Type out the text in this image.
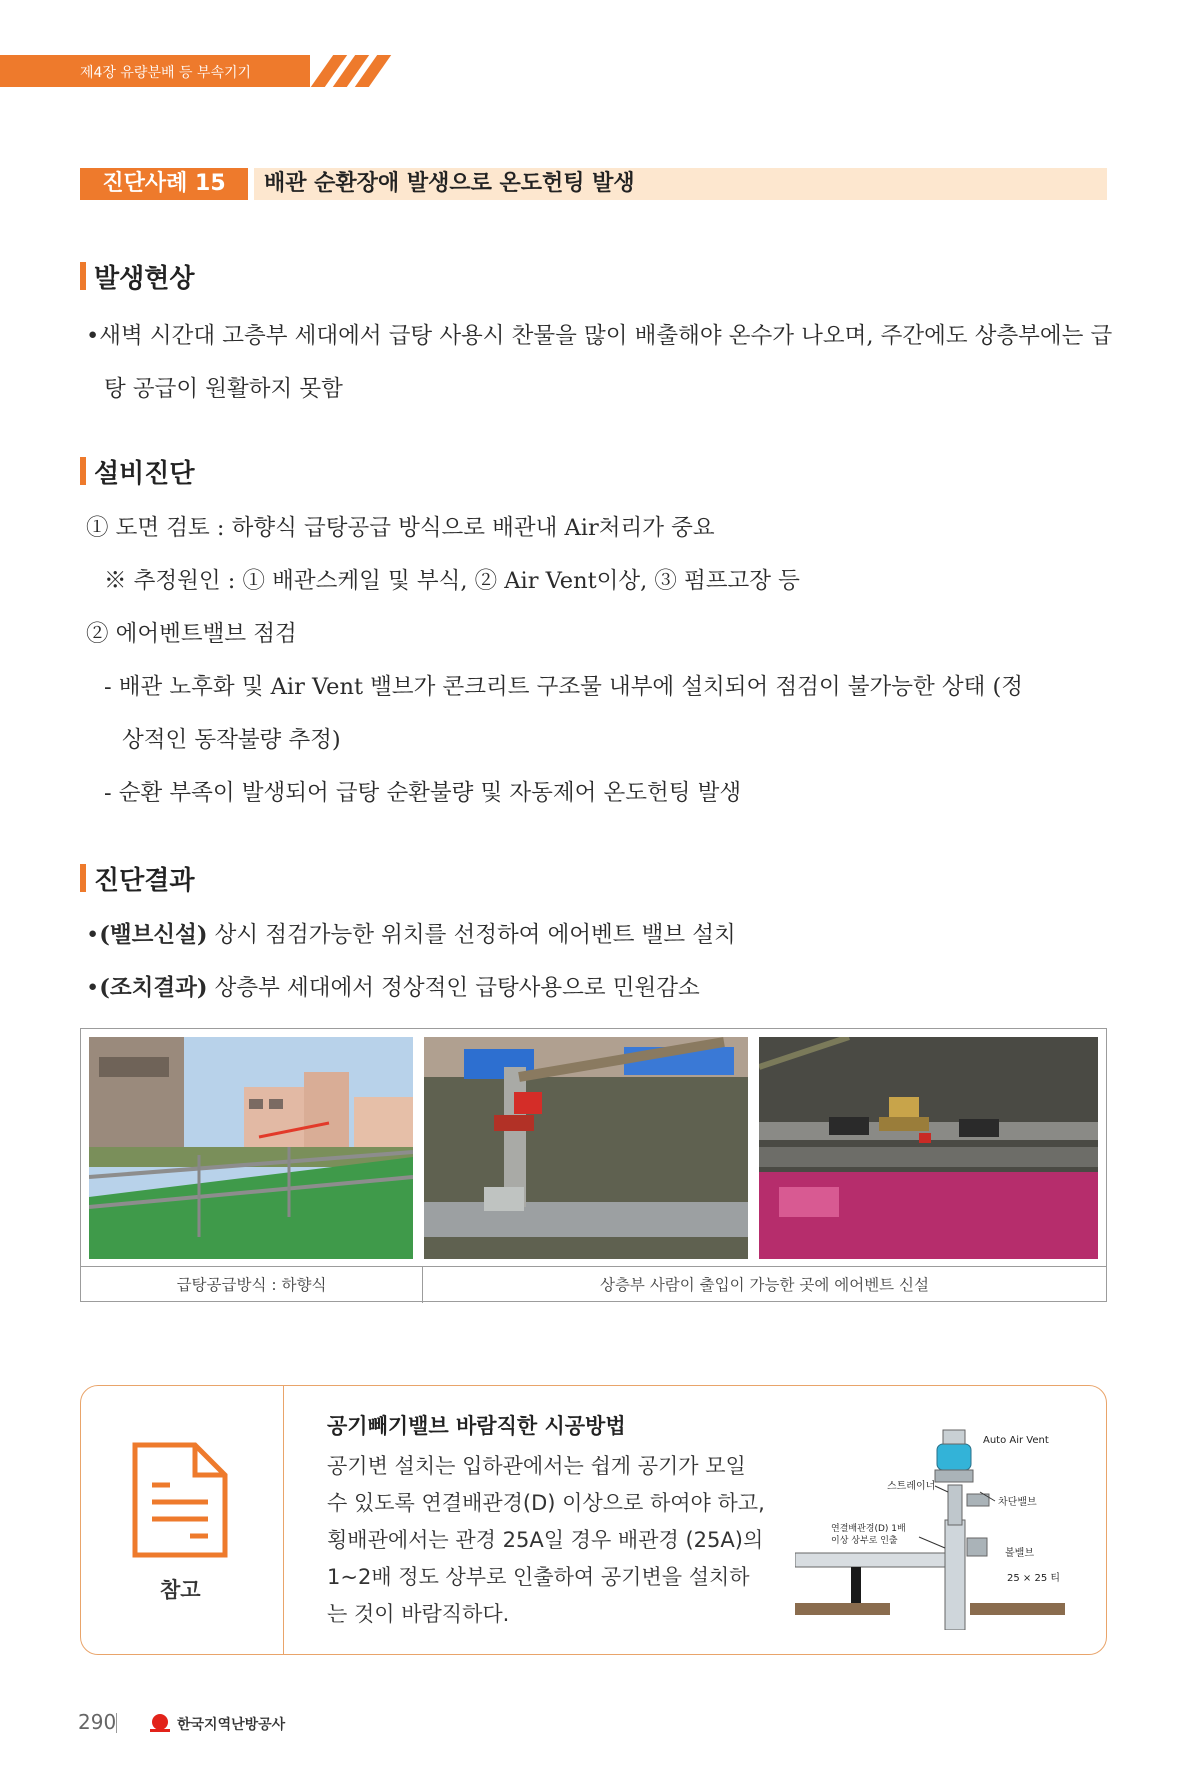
제4장 유량분배 등 부속기기
진단사례 15	배관 순환장애 발생으로 온도헌팅 발생
발생현상
•새벽 시간대 고층부 세대에서 급탕 사용시 찬물을 많이 배출해야 온수가 나오며, 주간에도 상층부에는 급탕 공급이 원활하지 못함
설비진단
① 도면 검토 : 하향식 급탕공급 방식으로 배관내 Air처리가 중요
※ 추정원인 : ① 배관스케일 및 부식, ② Air Vent이상, ③ 펌프고장 등
② 에어벤트밸브 점검
- 배관 노후화 및 Air Vent 밸브가 콘크리트 구조물 내부에 설치되어 점검이 불가능한 상태 (정
상적인 동작불량 추정)
- 순환 부족이 발생되어 급탕 순환불량 및 자동제어 온도헌팅 발생
진단결과
•(밸브신설) 상시 점검가능한 위치를 선정하여 에어벤트 밸브 설치
•(조치결과) 상층부 세대에서 정상적인 급탕사용으로 민원감소
급탕공급방식 : 하향식	상층부 사람이 출입이 가능한 곳에 에어벤트 신설
참고
공기빼기밸브 바람직한 시공방법
공기변 설치는 입하관에서는 쉽게 공기가 모일 수 있도록 연결배관경(D) 이상으로 하여야 하고, 횡배관에서는 관경 25A일 경우 배관경 (25A)의 1~2배 정도 상부로 인출하여 공기변을 설치하는 것이 바람직하다.
Auto Air Vent
스트레이너
차단밸브
연결배관경(D) 1배
이상 상부로 인출
볼밸브
25 × 25 티
290	한국지역난방공사
